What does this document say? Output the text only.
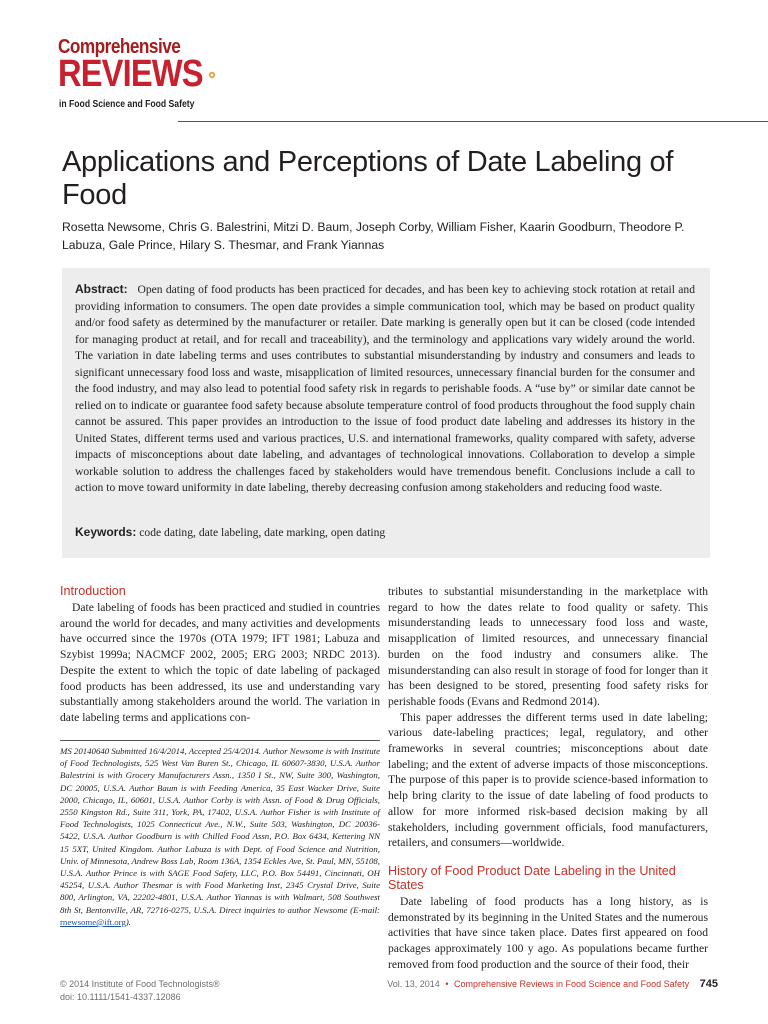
Comprehensive
REVIEWS
in Food Science and Food Safety
Applications and Perceptions of Date Labeling of Food
Rosetta Newsome, Chris G. Balestrini, Mitzi D. Baum, Joseph Corby, William Fisher, Kaarin Goodburn, Theodore P. Labuza, Gale Prince, Hilary S. Thesmar, and Frank Yiannas
Abstract: Open dating of food products has been practiced for decades, and has been key to achieving stock rotation at retail and providing information to consumers. The open date provides a simple communication tool, which may be based on product quality and/or food safety as determined by the manufacturer or retailer. Date marking is generally open but it can be closed (code intended for managing product at retail, and for recall and traceability), and the terminology and applications vary widely around the world. The variation in date labeling terms and uses contributes to substantial misunderstanding by industry and consumers and leads to significant unnecessary food loss and waste, misapplication of limited resources, unnecessary financial burden for the consumer and the food industry, and may also lead to potential food safety risk in regards to perishable foods. A “use by” or similar date cannot be relied on to indicate or guarantee food safety because absolute temperature control of food products throughout the food supply chain cannot be assured. This paper provides an introduction to the issue of food product date labeling and addresses its history in the United States, different terms used and various practices, U.S. and international frameworks, quality compared with safety, adverse impacts of misconceptions about date labeling, and advantages of technological innovations. Collaboration to develop a simple workable solution to address the challenges faced by stakeholders would have tremendous benefit. Conclusions include a call to action to move toward uniformity in date labeling, thereby decreasing confusion among stakeholders and reducing food waste.
Keywords: code dating, date labeling, date marking, open dating
Introduction

Date labeling of foods has been practiced and studied in countries around the world for decades, and many activities and developments have occurred since the 1970s (OTA 1979; IFT 1981; Labuza and Szybist 1999a; NACMCF 2002, 2005; ERG 2003; NRDC 2013). Despite the extent to which the topic of date labeling of packaged food products has been addressed, its use and understanding vary substantially among stakeholders around the world. The variation in date labeling terms and applications con-

MS 20140640 Submitted 16/4/2014, Accepted 25/4/2014. Author Newsome is with Institute of Food Technologists, 525 West Van Buren St., Chicago, IL 60607-3830, U.S.A. Author Balestrini is with Grocery Manufacturers Assn., 1350 I St., NW, Suite 300, Washington, DC 20005, U.S.A. Author Baum is with Feeding America, 35 East Wacker Drive, Suite 2000, Chicago, IL, 60601, U.S.A. Author Corby is with Assn. of Food & Drug Officials, 2550 Kingston Rd., Suite 311, York, PA, 17402, U.S.A. Author Fisher is with Institute of Food Technologists, 1025 Connecticut Ave., N.W., Suite 503, Washington, DC 20036-5422, U.S.A. Author Goodburn is with Chilled Food Assn, P.O. Box 6434, Kettering NN 15 5XT, United Kingdom. Author Labuza is with Dept. of Food Science and Nutrition, Univ. of Minnesota, Andrew Boss Lab, Room 136A, 1354 Eckles Ave, St. Paul, MN, 55108, U.S.A. Author Prince is with SAGE Food Safety, LLC, P.O. Box 54491, Cincinnati, OH 45254, U.S.A. Author Thesmar is with Food Marketing Inst, 2345 Crystal Drive, Suite 800, Arlington, VA, 22202-4801, U.S.A. Author Yiannas is with Walmart, 508 Southwest 8th St, Bentonville, AR, 72716-0275, U.S.A. Direct inquiries to author Newsome (E-mail: rnewsome@ift.org).

tributes to substantial misunderstanding in the marketplace with regard to how the dates relate to food quality or safety. This misunderstanding leads to unnecessary food loss and waste, misapplication of limited resources, and unnecessary financial burden on the food industry and consumers alike. The misunderstanding can also result in storage of food for longer than it has been designed to be stored, presenting food safety risks for perishable foods (Evans and Redmond 2014).

This paper addresses the different terms used in date labeling; various date-labeling practices; legal, regulatory, and other frameworks in several countries; misconceptions about date labeling; and the extent of adverse impacts of those misconceptions. The purpose of this paper is to provide science-based information to help bring clarity to the issue of date labeling of food products to allow for more informed risk-based decision making by all stakeholders, including government officials, food manufacturers, retailers, and consumers—worldwide.

History of Food Product Date Labeling in the United States

Date labeling of food products has a long history, as is demonstrated by its beginning in the United States and the numerous activities that have since taken place. Dates first appeared on food packages approximately 100 y ago. As populations became further removed from food production and the source of their food, their

© 2014 Institute of Food Technologists®
doi: 10.1111/1541-4337.12086
Vol. 13, 2014 • Comprehensive Reviews in Food Science and Food Safety 745
